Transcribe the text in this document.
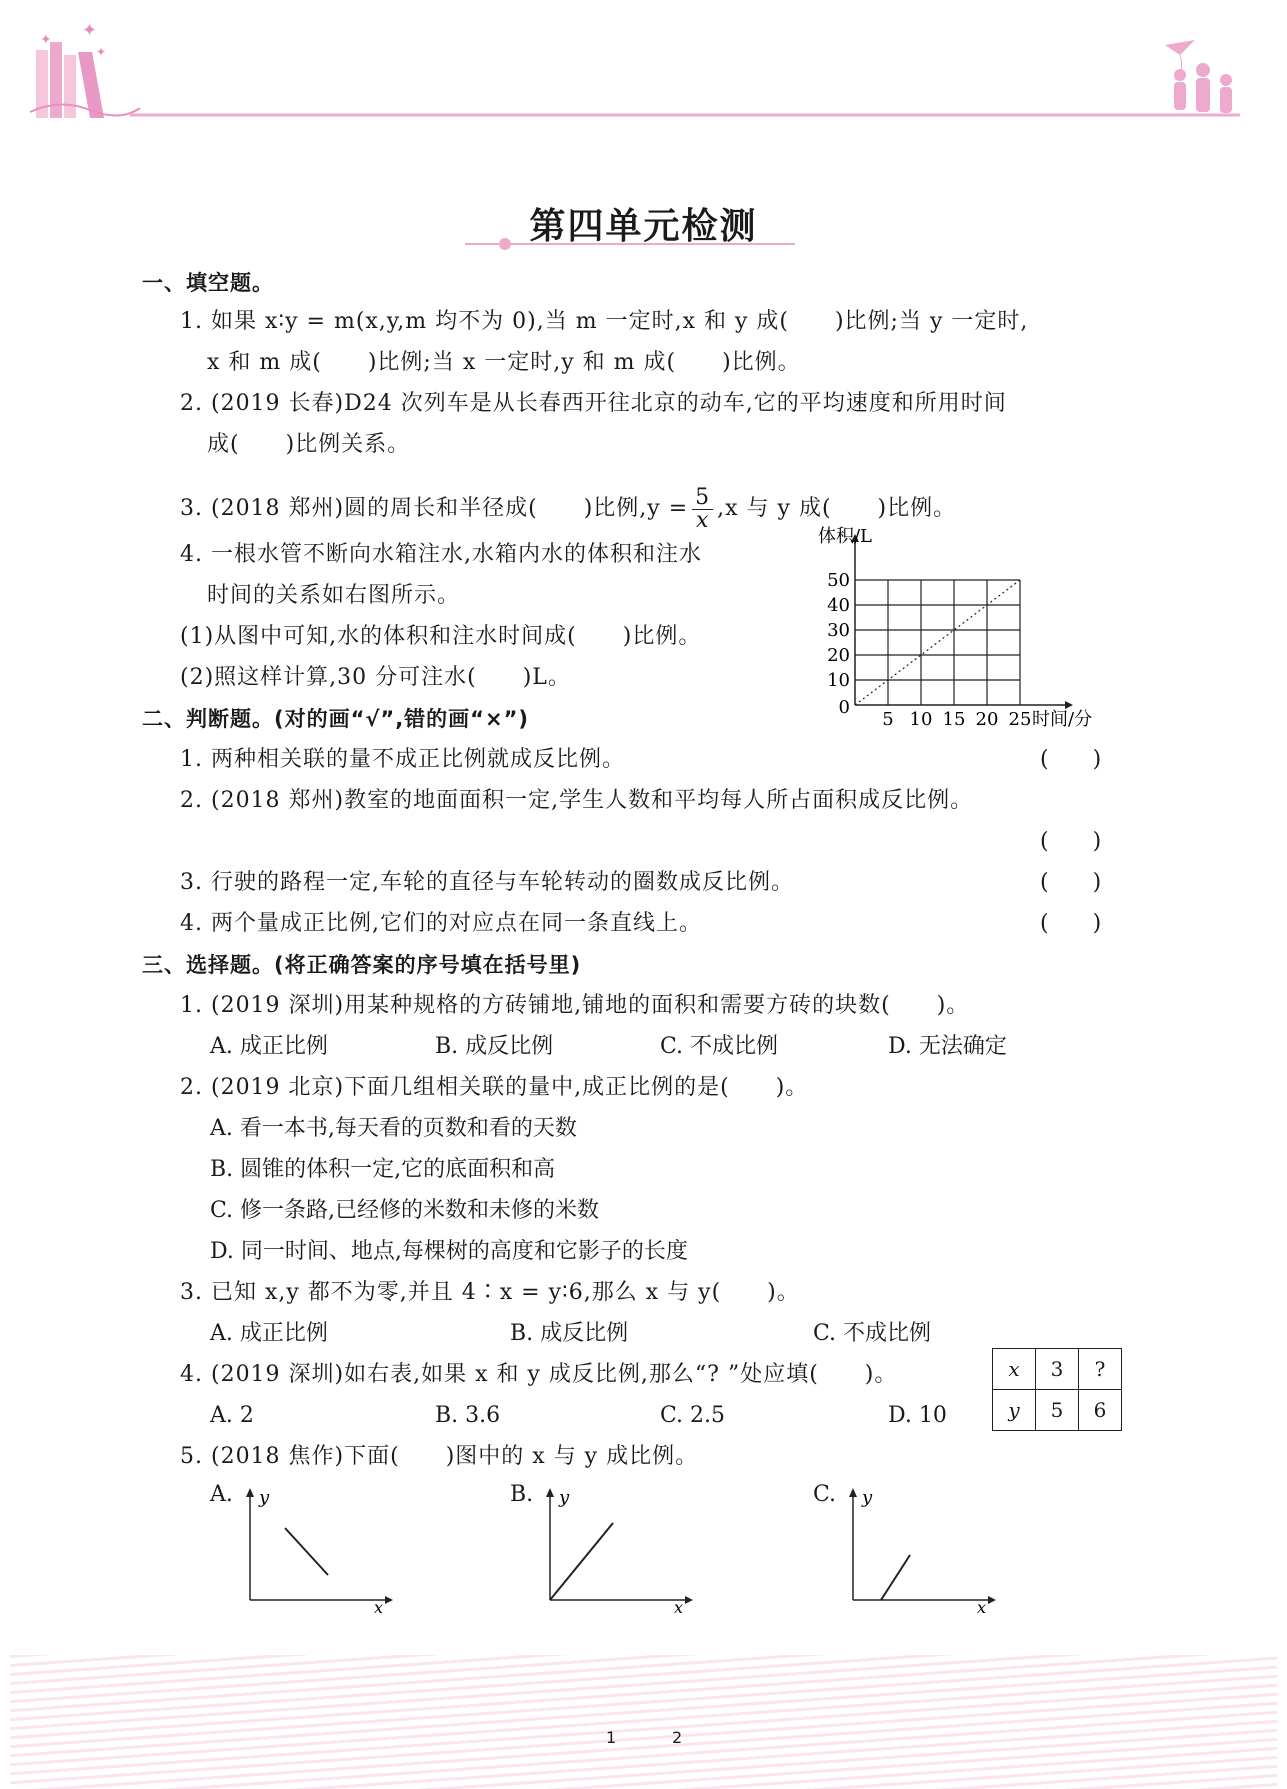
✦
✦
✦
第四单元检测
一、填空题。
1. 如果 x∶y = m(x,y,m 均不为 0),当 m 一定时,x 和 y 成(　　)比例;当 y 一定时,
x 和 m 成(　　)比例;当 x 一定时,y 和 m 成(　　)比例。
2. (2019 长春)D24 次列车是从长春西开往北京的动车,它的平均速度和所用时间
成(　　)比例关系。
3. (2018 郑州)圆的周长和半径成(　　)比例$,y = \frac{5}{x} ,x$ 与 y 成(　　)比例。
4. 一根水管不断向水箱注水,水箱内水的体积和注水
时间的关系如右图所示。
(1)从图中可知,水的体积和注水时间成(　　)比例。
(2)照这样计算,30 分可注水(　　)L。
5 10 15 20 25
10
20
30
40
50
0
体积/L
时间/分
二、判断题。(对的画“√”,错的画“×”)
1. 两种相关联的量不成正比例就成反比例。	(　　)
2. (2018 郑州)教室的地面面积一定,学生人数和平均每人所占面积成反比例。
(　　)
3. 行驶的路程一定,车轮的直径与车轮转动的圈数成反比例。	(　　)
4. 两个量成正比例,它们的对应点在同一条直线上。	(　　)
三、选择题。(将正确答案的序号填在括号里)
1. (2019 深圳)用某种规格的方砖铺地,铺地的面积和需要方砖的块数(　　)。
A. 成正比例	B. 成反比例	C. 不成比例	D. 无法确定
2. (2019 北京)下面几组相关联的量中,成正比例的是(　　)。
A. 看一本书,每天看的页数和看的天数
B. 圆锥的体积一定,它的底面积和高
C. 修一条路,已经修的米数和未修的米数
D. 同一时间、地点,每棵树的高度和它影子的长度
3. 已知 x,y 都不为零,并且 4∶x = y∶6,那么 x 与 y(　　)。
A. 成正比例	B. 成反比例	C. 不成比例
4. (2019 深圳)如右表,如果 x 和 y 成反比例,那么“? ”处应填(　　)。
A. 2	B. 3.6	C. 2.5	D. 10
x	3	?
y	5	6
5. (2018 焦作)下面(　　)图中的 x 与 y 成比例。
A. y
x
B. y
x
C. y
x
1	2
